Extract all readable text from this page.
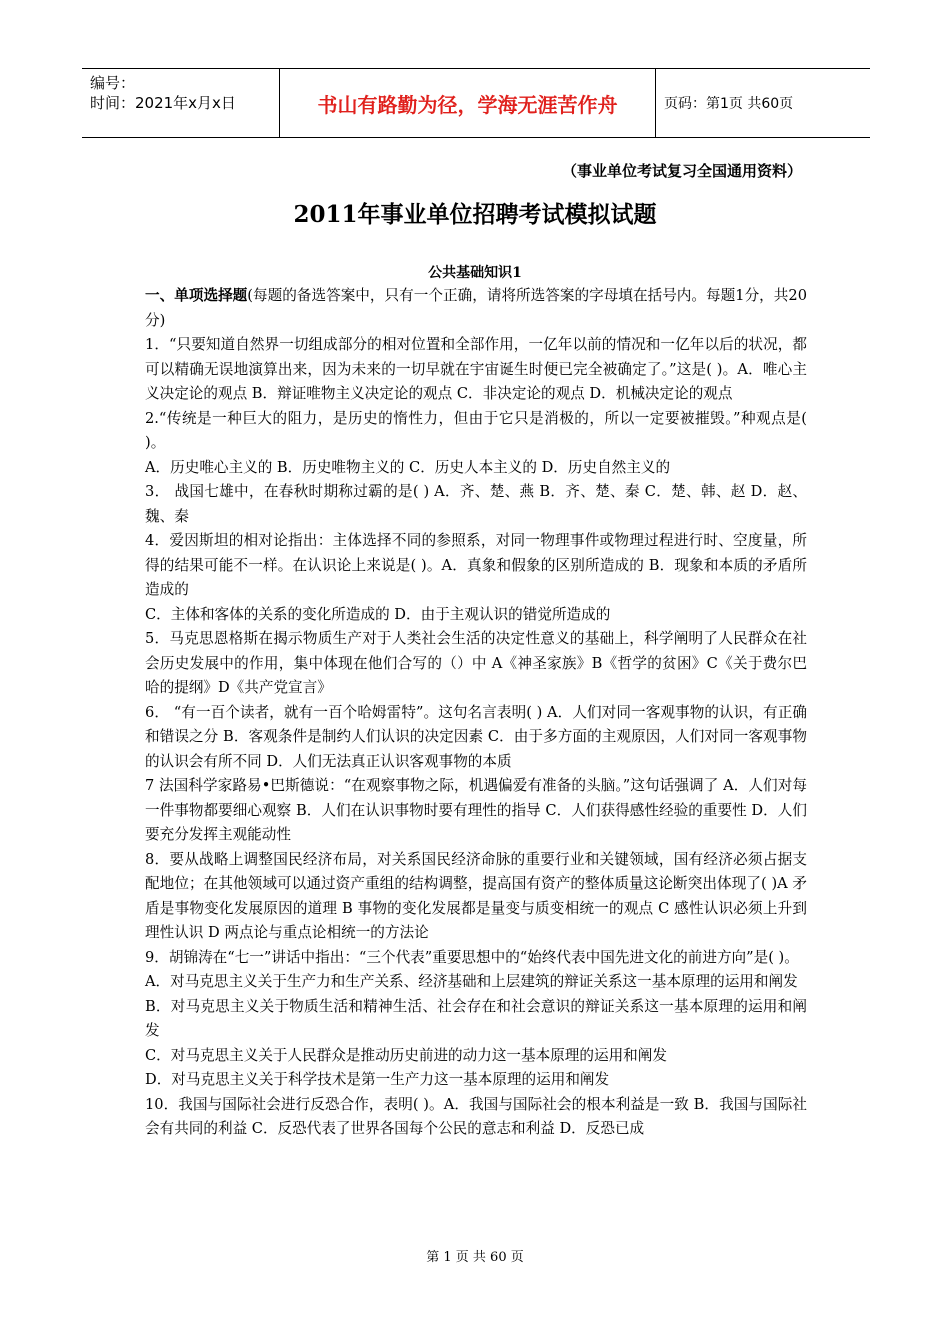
编号：
时间：2021年x月x日	书山有路勤为径，学海无涯苦作舟	页码：第1页 共60页
（事业单位考试复习全国通用资料）
2011年事业单位招聘考试模拟试题
公共基础知识1

一、单项选择题(每题的备选答案中，只有一个正确，请将所选答案的字母填在括号内。每题1分，共20分)

1．“只要知道自然界一切组成部分的相对位置和全部作用，一亿年以前的情况和一亿年以后的状况，都可以精确无误地演算出来，因为未来的一切早就在宇宙诞生时便已完全被确定了。”这是( )。A．唯心主义决定论的观点 B．辩证唯物主义决定论的观点 C．非决定论的观点 D．机械决定论的观点

2.“传统是一种巨大的阻力，是历史的惰性力，但由于它只是消极的，所以一定要被摧毁。”种观点是( )。

A．历史唯心主义的 B．历史唯物主义的 C．历史人本主义的 D．历史自然主义的

3． 战国七雄中，在春秋时期称过霸的是( ) A．齐、楚、燕 B．齐、楚、秦 C．楚、韩、赵 D．赵、魏、秦

4．爱因斯坦的相对论指出：主体选择不同的参照系，对同一物理事件或物理过程进行时、空度量，所得的结果可能不一样。在认识论上来说是( )。A．真象和假象的区别所造成的 B．现象和本质的矛盾所造成的

C．主体和客体的关系的变化所造成的 D．由于主观认识的错觉所造成的

5．马克思恩格斯在揭示物质生产对于人类社会生活的决定性意义的基础上，科学阐明了人民群众在社会历史发展中的作用，集中体现在他们合写的（）中 A《神圣家族》B《哲学的贫困》C《关于费尔巴哈的提纲》D《共产党宣言》

6． “有一百个读者，就有一百个哈姆雷特”。这句名言表明( ) A．人们对同一客观事物的认识，有正确和错误之分 B．客观条件是制约人们认识的决定因素 C．由于多方面的主观原因，人们对同一客观事物的认识会有所不同 D．人们无法真正认识客观事物的本质

7 法国科学家路易•巴斯德说：“在观察事物之际，机遇偏爱有准备的头脑。”这句话强调了 A．人们对每一件事物都要细心观察 B．人们在认识事物时要有理性的指导 C．人们获得感性经验的重要性 D．人们要充分发挥主观能动性

8．要从战略上调整国民经济布局，对关系国民经济命脉的重要行业和关键领域，国有经济必须占据支配地位；在其他领域可以通过资产重组的结构调整，提高国有资产的整体质量这论断突出体现了( )A 矛盾是事物变化发展原因的道理 B 事物的变化发展都是量变与质变相统一的观点 C 感性认识必须上升到理性认识 D 两点论与重点论相统一的方法论

9．胡锦涛在“七一”讲话中指出：“三个代表”重要思想中的“始终代表中国先进文化的前进方向”是( )。

A．对马克思主义关于生产力和生产关系、经济基础和上层建筑的辩证关系这一基本原理的运用和阐发

B．对马克思主义关于物质生活和精神生活、社会存在和社会意识的辩证关系这一基本原理的运用和阐发

C．对马克思主义关于人民群众是推动历史前进的动力这一基本原理的运用和阐发

D．对马克思主义关于科学技术是第一生产力这一基本原理的运用和阐发

10．我国与国际社会进行反恐合作，表明( )。A．我国与国际社会的根本利益是一致 B．我国与国际社会有共同的利益 C．反恐代表了世界各国每个公民的意志和利益 D．反恐已成

第 1 页 共 60 页
